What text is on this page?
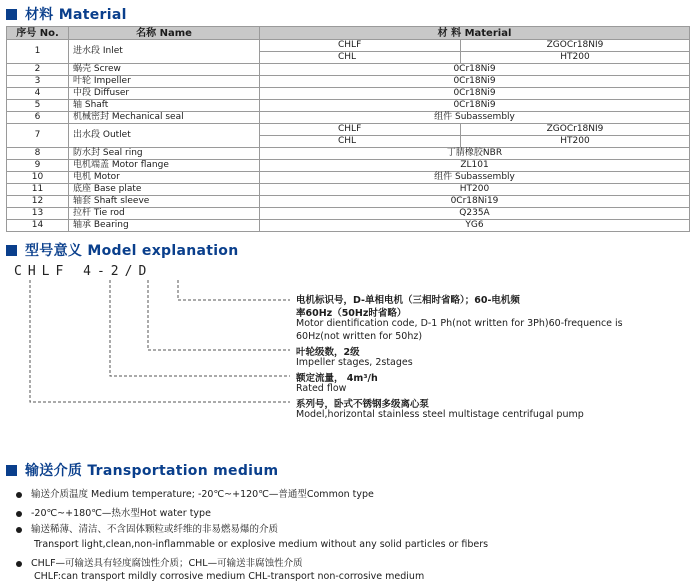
材料 Material
序号 No.	名称 Name	材 料 Material
1	进水段 Inlet	CHLF ZGOCr18NI9
CHL HT200

2	蜗壳 Screw	0Cr18Ni9
3	叶轮 Impeller	0Cr18Ni9
4	中段 Diffuser	0Cr18Ni9
5	轴 Shaft	0Cr18Ni9
6	机械密封 Mechanical seal	组件 Subassembly
7	出水段 Outlet	CHLF ZGOCr18NI9
CHL HT200

8	防水封 Seal ring	丁腈橡胶NBR
9	电机端盖 Motor flange	ZL101
10	电机 Motor	组件 Subassembly
11	底座 Base plate	HT200
12	轴套 Shaft sleeve	0Cr18Ni19
13	拉杆 Tie rod	Q235A
14	轴承 Bearing	YG6
型号意义 Model explanation
CHLF 4-2/D
电机标识号，D-单相电机（三相时省略）；60-电机频
率60Hz（50Hz时省略）
Motor dientification code, D-1 Ph(not written for 3Ph)60-frequence is
60Hz(not written for 50hz)
叶轮级数，2级
Impeller stages, 2stages
额定流量， 4m³/h
Rated flow
系列号，卧式不锈钢多级离心泵
Model,horizontal stainless steel multistage centrifugal pump
输送介质 Transportation medium
输送介质温度 Medium temperature; -20℃~+120℃—普通型Common type
-20℃~+180℃—热水型Hot water type
输送稀薄、清洁、不含固体颗粒或纤维的非易燃易爆的介质
Transport light,clean,non-inflammable or explosive medium without any solid particles or fibers
CHLF—可输送具有轻度腐蚀性介质；CHL—可输送非腐蚀性介质
CHLF:can transport mildly corrosive medium CHL-transport non-corrosive medium
